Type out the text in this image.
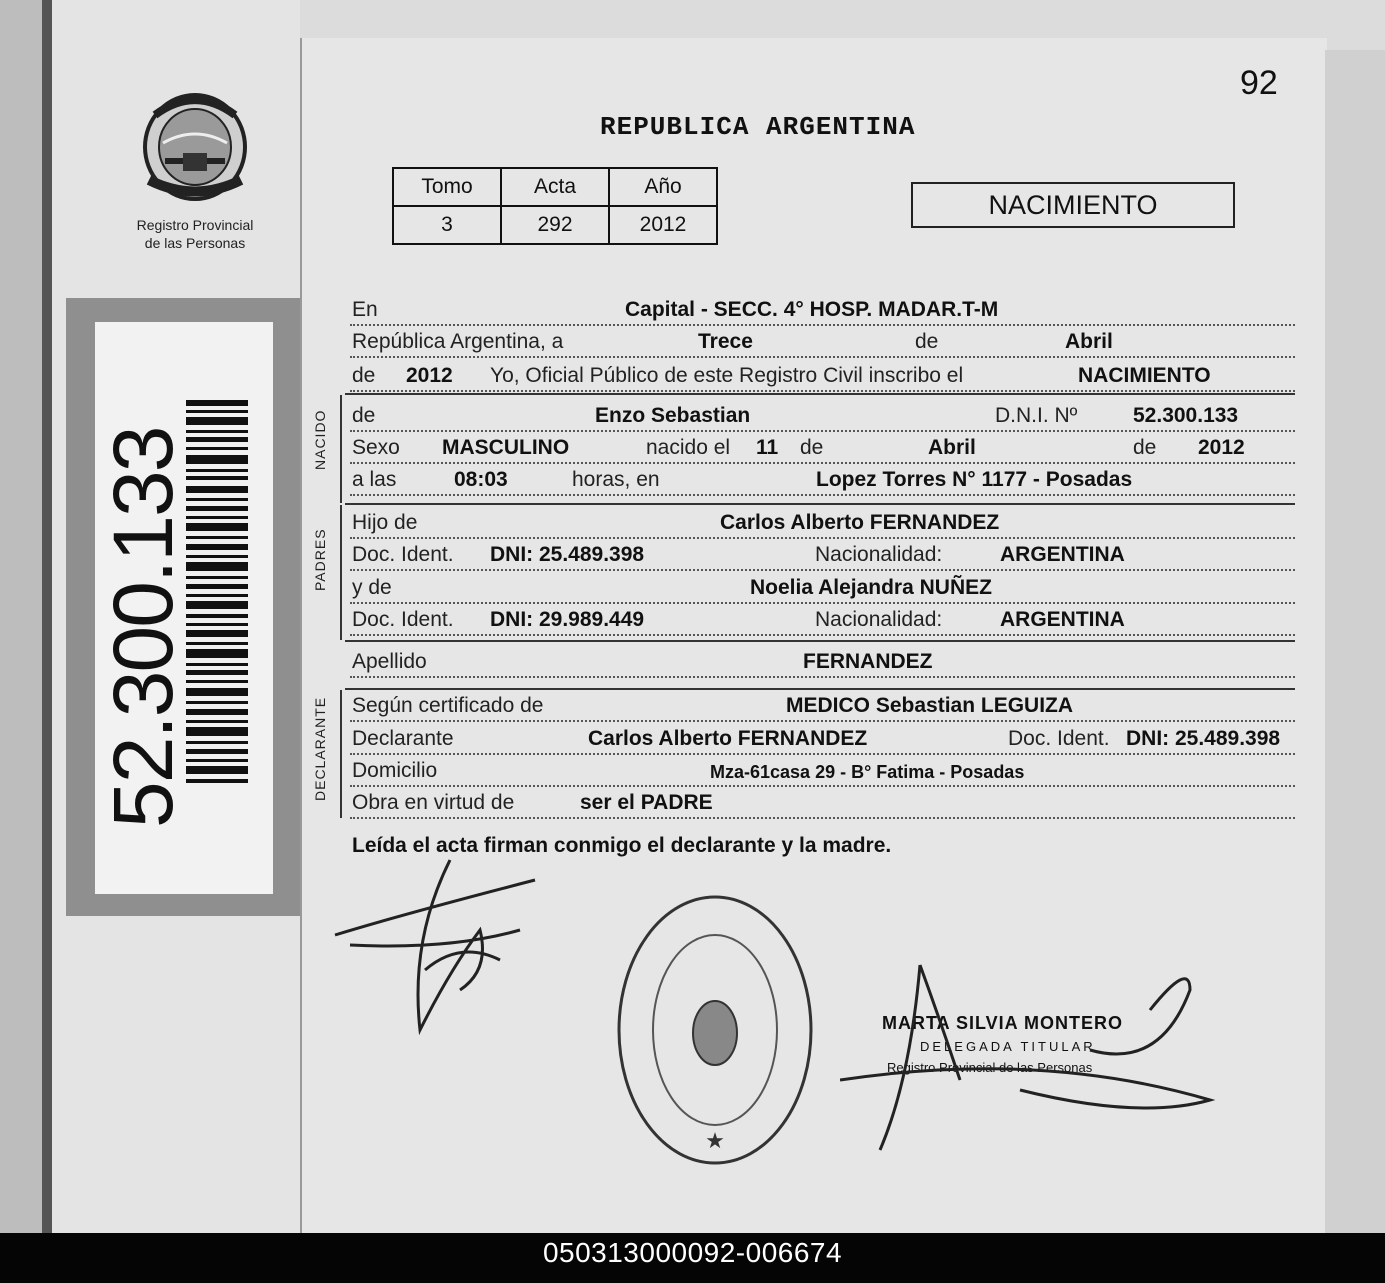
Registro Provincial
de las Personas
52.300.133
92
REPUBLICA ARGENTINA
Tomo	Acta	Año
3	292	2012
NACIMIENTO
NACIDO
PADRES
DECLARANTE
En	Capital - SECC. 4° HOSP. MADAR.T-M
República Argentina, a	Trece	de	Abril
de 2012 Yo, Oficial Público de este Registro Civil inscribo el	NACIMIENTO
de	Enzo Sebastian	D.N.I. Nº	52.300.133
Sexo MASCULINO	nacido el 11 de	Abril	de 2012
a las	08:03	horas, en	Lopez Torres N° 1177 - Posadas
Hijo de	Carlos Alberto FERNANDEZ
Doc. Ident. DNI: 25.489.398	Nacionalidad:	ARGENTINA
y de	Noelia Alejandra NUÑEZ
Doc. Ident. DNI: 29.989.449	Nacionalidad:	ARGENTINA
Apellido	FERNANDEZ
Según certificado de	MEDICO Sebastian LEGUIZA
Declarante	Carlos Alberto FERNANDEZ	Doc. Ident. DNI: 25.489.398
Domicilio	Mza-61casa 29 - B° Fatima - Posadas
Obra en virtud de	ser el PADRE
Leída el acta firman conmigo el declarante y la madre.
★
MARTA SILVIA MONTERO
DELEGADA TITULAR
Registro Provincial de las Personas
050313000092-006674
